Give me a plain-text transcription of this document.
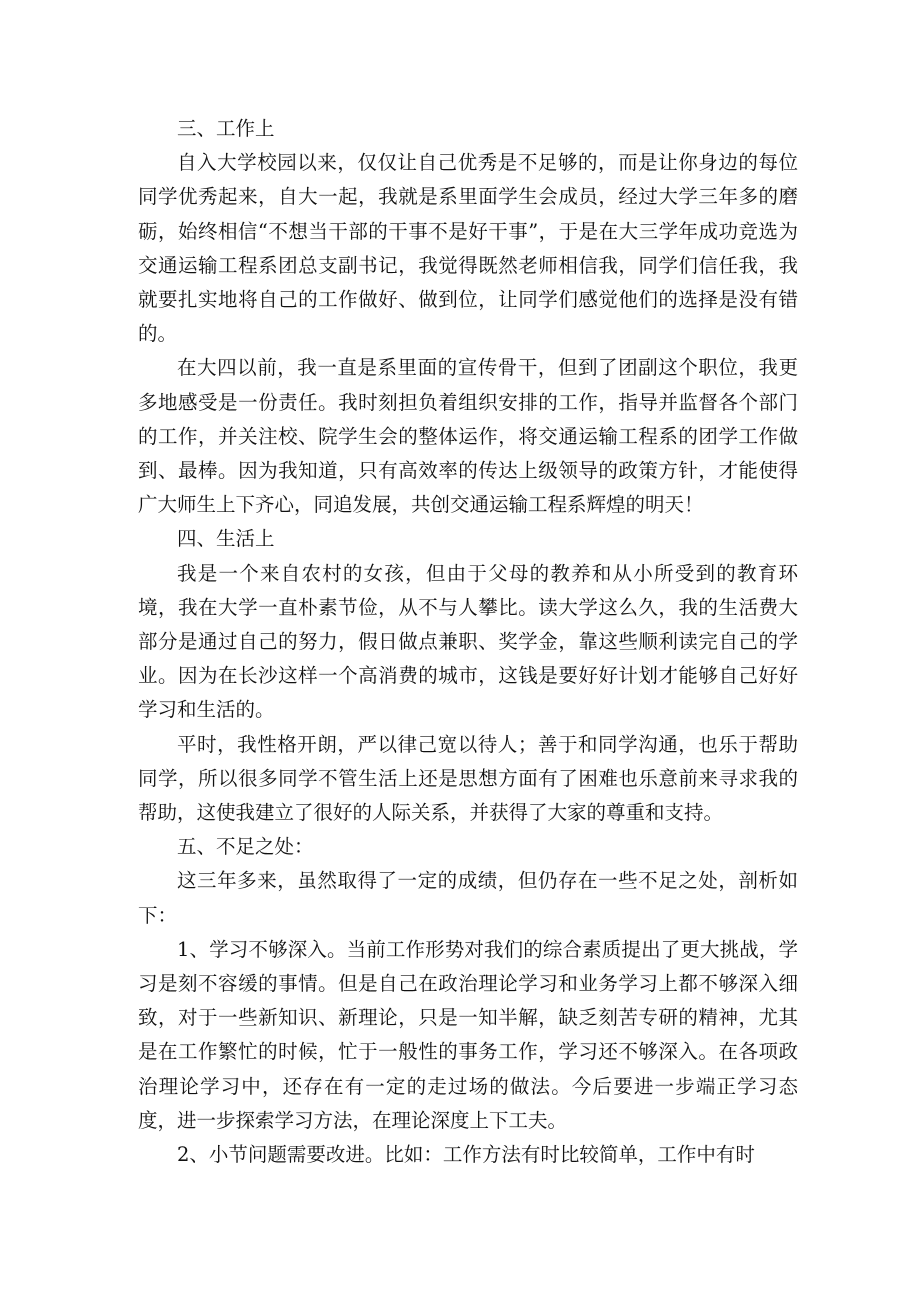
三、工作上

自入大学校园以来，仅仅让自己优秀是不足够的，而是让你身边的每位同学优秀起来，自大一起，我就是系里面学生会成员，经过大学三年多的磨砺，始终相信“不想当干部的干事不是好干事”，于是在大三学年成功竞选为交通运输工程系团总支副书记，我觉得既然老师相信我，同学们信任我，我就要扎实地将自己的工作做好、做到位，让同学们感觉他们的选择是没有错的。

在大四以前，我一直是系里面的宣传骨干，但到了团副这个职位，我更多地感受是一份责任。我时刻担负着组织安排的工作，指导并监督各个部门的工作，并关注校、院学生会的整体运作，将交通运输工程系的团学工作做到、最棒。因为我知道，只有高效率的传达上级领导的政策方针，才能使得广大师生上下齐心，同追发展，共创交通运输工程系辉煌的明天！

四、生活上

我是一个来自农村的女孩，但由于父母的教养和从小所受到的教育环境，我在大学一直朴素节俭，从不与人攀比。读大学这么久，我的生活费大部分是通过自己的努力，假日做点兼职、奖学金，靠这些顺利读完自己的学业。因为在长沙这样一个高消费的城市，这钱是要好好计划才能够自己好好学习和生活的。

平时，我性格开朗，严以律己宽以待人；善于和同学沟通，也乐于帮助同学，所以很多同学不管生活上还是思想方面有了困难也乐意前来寻求我的帮助，这使我建立了很好的人际关系，并获得了大家的尊重和支持。

五、不足之处：

这三年多来，虽然取得了一定的成绩，但仍存在一些不足之处，剖析如下：

1、学习不够深入。当前工作形势对我们的综合素质提出了更大挑战，学习是刻不容缓的事情。但是自己在政治理论学习和业务学习上都不够深入细致，对于一些新知识、新理论，只是一知半解，缺乏刻苦专研的精神，尤其是在工作繁忙的时候，忙于一般性的事务工作，学习还不够深入。在各项政治理论学习中，还存在有一定的走过场的做法。今后要进一步端正学习态度，进一步探索学习方法，在理论深度上下工夫。

2、小节问题需要改进。比如：工作方法有时比较简单，工作中有时
